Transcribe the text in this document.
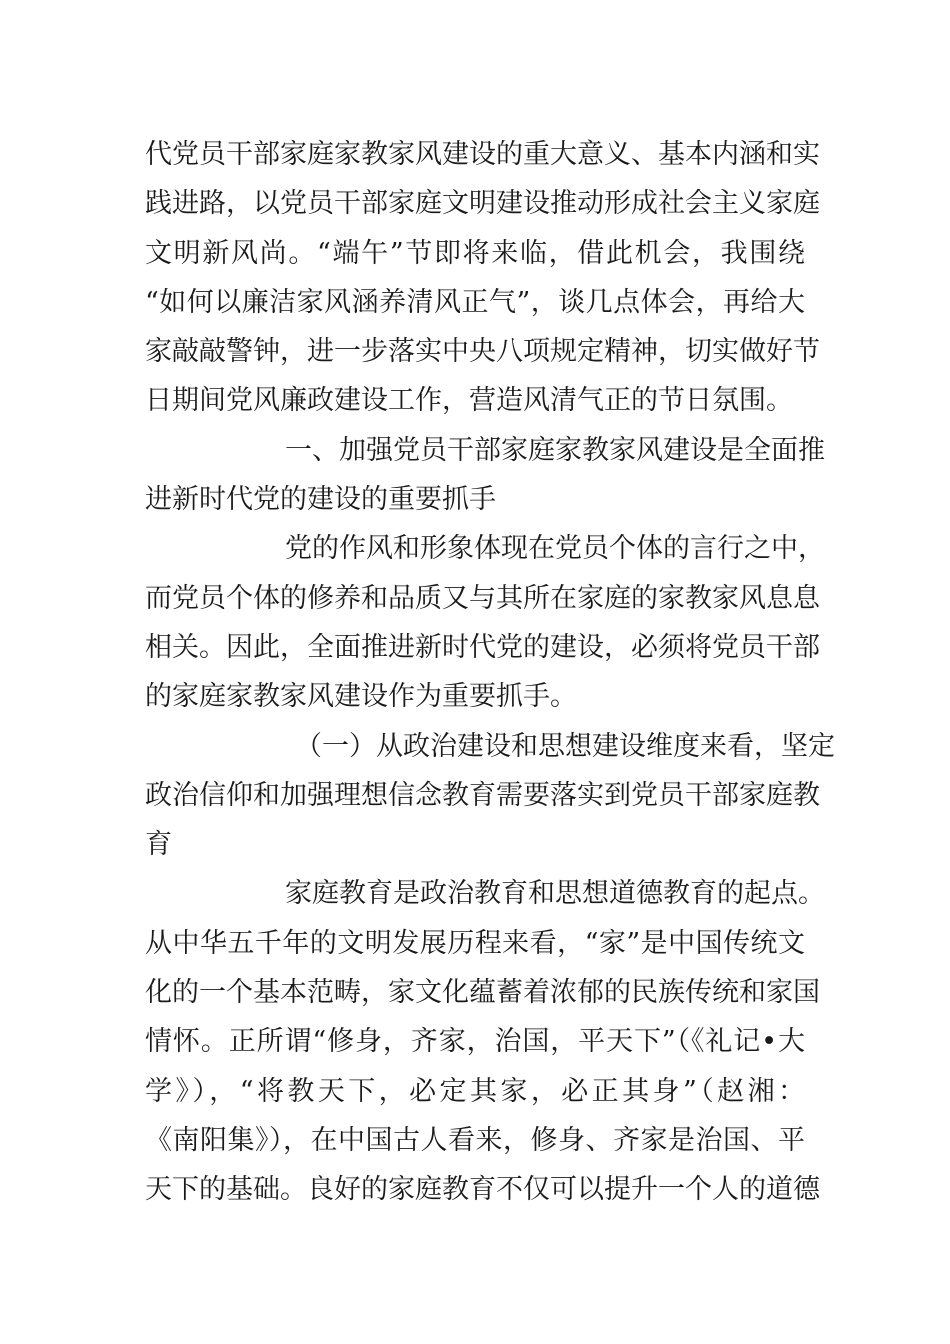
代党员干部家庭家教家风建设的重大意义、基本内涵和实
践进路，以党员干部家庭文明建设推动形成社会主义家庭
文明新风尚。“端午”节即将来临，借此机会，我围绕
“如何以廉洁家风涵养清风正气”，谈几点体会，再给大
家敲敲警钟，进一步落实中央八项规定精神，切实做好节
日期间党风廉政建设工作，营造风清气正的节日氛围。
一、加强党员干部家庭家教家风建设是全面推
进新时代党的建设的重要抓手
党的作风和形象体现在党员个体的言行之中，
而党员个体的修养和品质又与其所在家庭的家教家风息息
相关。因此，全面推进新时代党的建设，必须将党员干部
的家庭家教家风建设作为重要抓手。
（一）从政治建设和思想建设维度来看，坚定
政治信仰和加强理想信念教育需要落实到党员干部家庭教
育
家庭教育是政治教育和思想道德教育的起点。
从中华五千年的文明发展历程来看，“家”是中国传统文
化的一个基本范畴，家文化蕴蓄着浓郁的民族传统和家国
情怀。正所谓“修身，齐家，治国，平天下”（《礼记•大
学》），“将教天下，必定其家，必正其身”（赵湘：
《南阳集》），在中国古人看来，修身、齐家是治国、平
天下的基础。良好的家庭教育不仅可以提升一个人的道德
